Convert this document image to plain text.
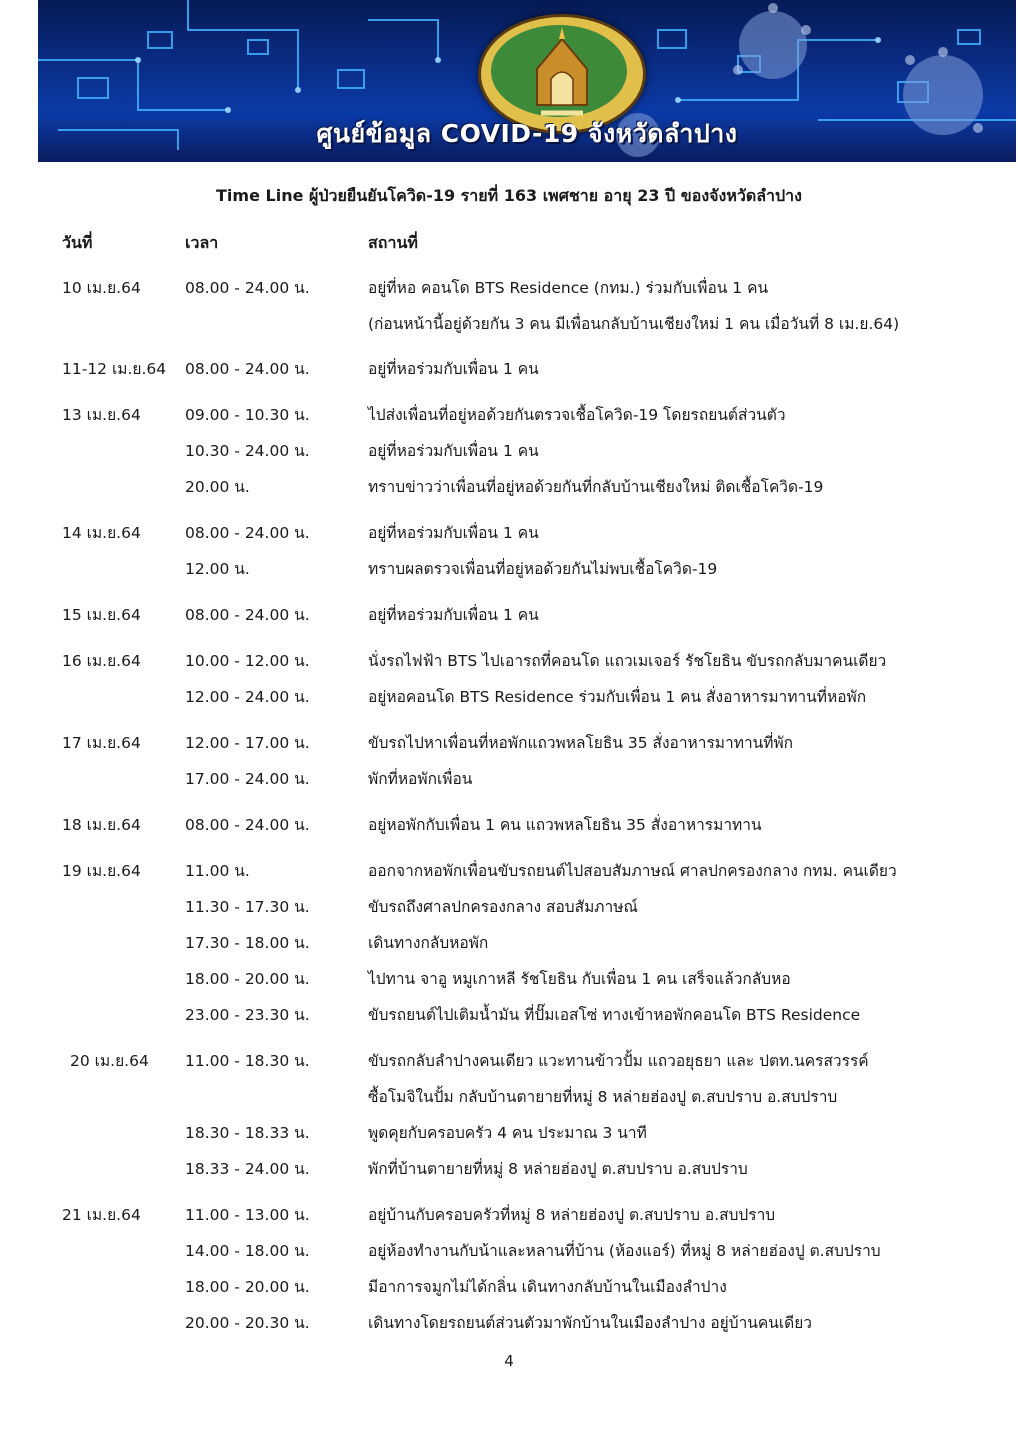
ศูนย์ข้อมูล COVID-19 จังหวัดลำปาง
Time Line ผู้ป่วยยืนยันโควิด-19 รายที่ 163 เพศชาย อายุ 23 ปี ของจังหวัดลำปาง
วันที่	เวลา	สถานที่
10 เม.ย.64	08.00 - 24.00 น.	อยู่ที่หอ คอนโด BTS Residence (กทม.) ร่วมกับเพื่อน 1 คน
(ก่อนหน้านี้อยู่ด้วยกัน 3 คน มีเพื่อนกลับบ้านเชียงใหม่ 1 คน เมื่อวันที่ 8 เม.ย.64)
11-12 เม.ย.64 08.00 - 24.00 น.	อยู่ที่หอร่วมกับเพื่อน 1 คน
13 เม.ย.64	09.00 - 10.30 น.	ไปส่งเพื่อนที่อยู่หอด้วยกันตรวจเชื้อโควิด-19 โดยรถยนต์ส่วนตัว
10.30 - 24.00 น.	อยู่ที่หอร่วมกับเพื่อน 1 คน
20.00 น.	ทราบข่าวว่าเพื่อนที่อยู่หอด้วยกันที่กลับบ้านเชียงใหม่ ติดเชื้อโควิด-19
14 เม.ย.64	08.00 - 24.00 น.	อยู่ที่หอร่วมกับเพื่อน 1 คน
12.00 น.	ทราบผลตรวจเพื่อนที่อยู่หอด้วยกันไม่พบเชื้อโควิด-19
15 เม.ย.64	08.00 - 24.00 น.	อยู่ที่หอร่วมกับเพื่อน 1 คน
16 เม.ย.64	10.00 - 12.00 น.	นั่งรถไฟฟ้า BTS ไปเอารถที่คอนโด แถวเมเจอร์ รัชโยธิน ขับรถกลับมาคนเดียว
12.00 - 24.00 น.	อยู่หอคอนโด BTS Residence ร่วมกับเพื่อน 1 คน สั่งอาหารมาทานที่หอพัก
17 เม.ย.64	12.00 - 17.00 น.	ขับรถไปหาเพื่อนที่หอพักแถวพหลโยธิน 35 สั่งอาหารมาทานที่พัก
17.00 - 24.00 น.	พักที่หอพักเพื่อน
18 เม.ย.64	08.00 - 24.00 น.	อยู่หอพักกับเพื่อน 1 คน แถวพหลโยธิน 35 สั่งอาหารมาทาน
19 เม.ย.64	11.00 น.	ออกจากหอพักเพื่อนขับรถยนต์ไปสอบสัมภาษณ์ ศาลปกครองกลาง กทม. คนเดียว
11.30 - 17.30 น.	ขับรถถึงศาลปกครองกลาง สอบสัมภาษณ์
17.30 - 18.00 น.	เดินทางกลับหอพัก
18.00 - 20.00 น.	ไปทาน จาอู หมูเกาหลี รัชโยธิน กับเพื่อน 1 คน เสร็จแล้วกลับหอ
23.00 - 23.30 น.	ขับรถยนต์ไปเติมน้ำมัน ที่ปั๊มเอสโซ่ ทางเข้าหอพักคอนโด BTS Residence
20 เม.ย.64 11.00 - 18.30 น.	ขับรถกลับลำปางคนเดียว แวะทานข้าวปั้ม แถวอยุธยา และ ปตท.นครสวรรค์
ซื้อโมจิในปั้ม กลับบ้านตายายที่หมู่ 8 หล่ายฮ่องปู ต.สบปราบ อ.สบปราบ
18.30 - 18.33 น.	พูดคุยกับครอบครัว 4 คน ประมาณ 3 นาที
18.33 - 24.00 น.	พักที่บ้านตายายที่หมู่ 8 หล่ายฮ่องปู ต.สบปราบ อ.สบปราบ
21 เม.ย.64	11.00 - 13.00 น.	อยู่บ้านกับครอบครัวที่หมู่ 8 หล่ายฮ่องปู ต.สบปราบ อ.สบปราบ
14.00 - 18.00 น.	อยู่ห้องทำงานกับน้าและหลานที่บ้าน (ห้องแอร์) ที่หมู่ 8 หล่ายฮ่องปู ต.สบปราบ
18.00 - 20.00 น.	มีอาการจมูกไม่ได้กลิ่น เดินทางกลับบ้านในเมืองลำปาง
20.00 - 20.30 น.	เดินทางโดยรถยนต์ส่วนตัวมาพักบ้านในเมืองลำปาง อยู่บ้านคนเดียว
4
